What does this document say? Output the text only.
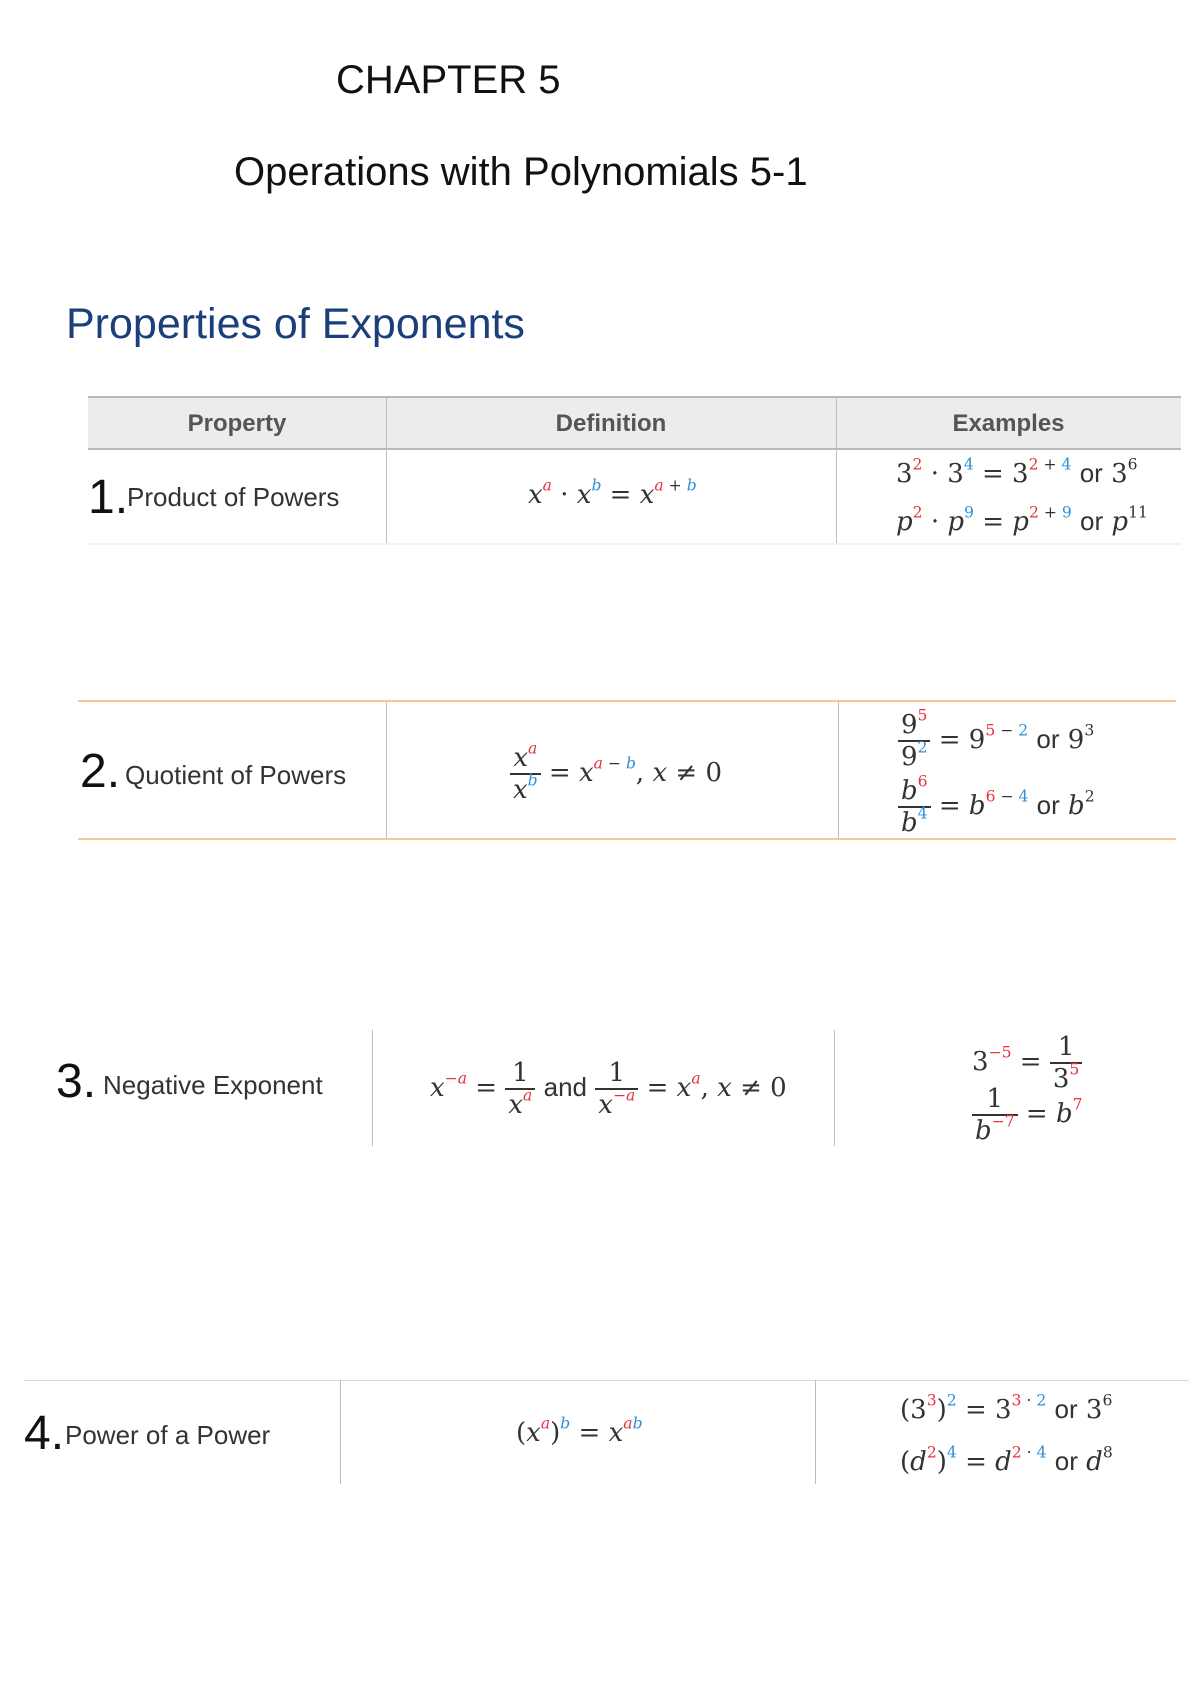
CHAPTER 5
Operations with Polynomials 5-1
Properties of Exponents
Property	Definition	Examples
1.
Product of Powers	$x^a \cdot x^b = x^{a + b}$	$3^2 \cdot 3^4 = 3^{2 + 4}$ or $3^6$
$p^2 \cdot p^9 = p^{2 + 9}$ or $p^{11}$
2. Quotient of Powers	$\frac{x^a}{x^b} = x^{a - b}$, x ≠ 0
$\frac{9^5}{9^2} = 9^{5 - 2}$ or $9^3$
$\frac{b^6}{b^4} = b^{6 - 4}$ or $b^2$
3. Negative Exponent	$x^{-a} = \frac{1}{x^a}$ and $\frac{1}{x^{-a}} = x^a$, x ≠ 0
$3^{-5} = \frac{1}{3^5}$
$\frac{1}{b^{-7}} = b^7$
4. Power of a Power	$(x^a)^b = x^{ab}$	$(3^3)^2 = 3^{3 \cdot 2}$ or $3^6$
$(d^2)^4 = d^{2 \cdot 4}$ or $d^8$
